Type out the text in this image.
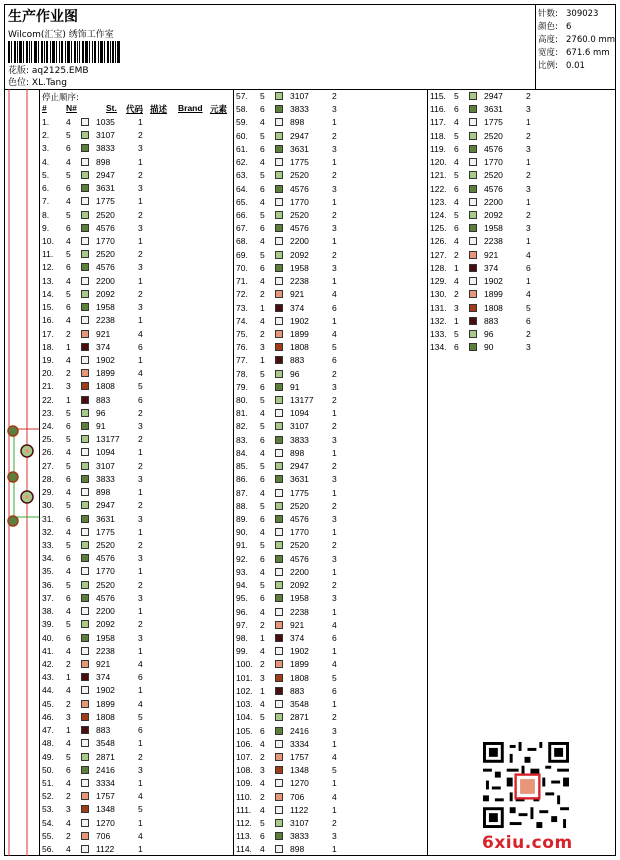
生产作业图
Wilcom(汇宝) 绣饰工作室
花版: aq2125.EMB
色位: XL.Tang
针数: 309023
颜色: 6
高度: 2760.0 mm
宽度: 671.6 mm
比例: 0.01
停止顺序:
# N#	St. 代码 描述 Brand 元素
1. 4	1035	1
2. 5	3107	2
3. 6	3833	3
4. 4	898	1
5. 5	2947	2
6. 6	3631	3
7. 4	1775	1
8. 5	2520	2
9. 6	4576	3
10. 4	1770	1
11. 5	2520	2
12. 6	4576	3
13. 4	2200	1
14. 5	2092	2
15. 6	1958	3
16. 4	2238	1
17. 2	921	4
18. 1	374	6
19. 4	1902	1
20. 2	1899	4
21. 3	1808	5
22. 1	883	6
23. 5	96	2
24. 6	91	3
25. 5	13177 2
26. 4	1094	1
27. 5	3107	2
28. 6	3833	3
29. 4	898	1
30. 5	2947	2
31. 6	3631	3
32. 4	1775	1
33. 5	2520	2
34. 6	4576	3
35. 4	1770	1
36. 5	2520	2
37. 6	4576	3
38. 4	2200	1
39. 5	2092	2
40. 6	1958	3
41. 4	2238	1
42. 2	921	4
43. 1	374	6
44. 4	1902	1
45. 2	1899	4
46. 3	1808	5
47. 1	883	6
48. 4	3548	1
49. 5	2871	2
50. 6	2416	3
51. 4	3334	1
52. 2	1757	4
53. 3	1348	5
54. 4	1270	1
55. 2	706	4
56. 4	1122	1
57. 5	3107	2
58. 6	3833	3
59. 4	898	1
60. 5	2947	2
61. 6	3631	3
62. 4	1775	1
63. 5	2520	2
64. 6	4576	3
65. 4	1770	1
66. 5	2520	2
67. 6	4576	3
68. 4	2200	1
69. 5	2092	2
70. 6	1958	3
71. 4	2238	1
72. 2	921	4
73. 1	374	6
74. 4	1902	1
75. 2	1899	4
76. 3	1808	5
77. 1	883	6
78. 5	96	2
79. 6	91	3
80. 5	13177 2
81. 4	1094	1
82. 5	3107	2
83. 6	3833	3
84. 4	898	1
85. 5	2947	2
86. 6	3631	3
87. 4	1775	1
88. 5	2520	2
89. 6	4576	3
90. 4	1770	1
91. 5	2520	2
92. 6	4576	3
93. 4	2200	1
94. 5	2092	2
95. 6	1958	3
96. 4	2238	1
97. 2	921	4
98. 1	374	6
99. 4	1902	1
100. 2	1899	4
101. 3	1808	5
102. 1	883	6
103. 4	3548	1
104. 5	2871	2
105. 6	2416	3
106. 4	3334	1
107. 2	1757	4
108. 3	1348	5
109. 4	1270	1
110. 2	706	4
111. 4	1122	1
112. 5	3107	2
113. 6	3833	3
114. 4	898	1
115. 5	2947	2
116. 6	3631	3
117. 4	1775	1
118. 5	2520	2
119. 6	4576	3
120. 4	1770	1
121. 5	2520	2
122. 6	4576	3
123. 4	2200	1
124. 5	2092	2
125. 6	1958	3
126. 4	2238	1
127. 2	921	4
128. 1	374	6
129. 4	1902	1
130. 2	1899	4
131. 3	1808	5
132. 1	883	6
133. 5	96	2
134. 6	90	3
6xiu.com
